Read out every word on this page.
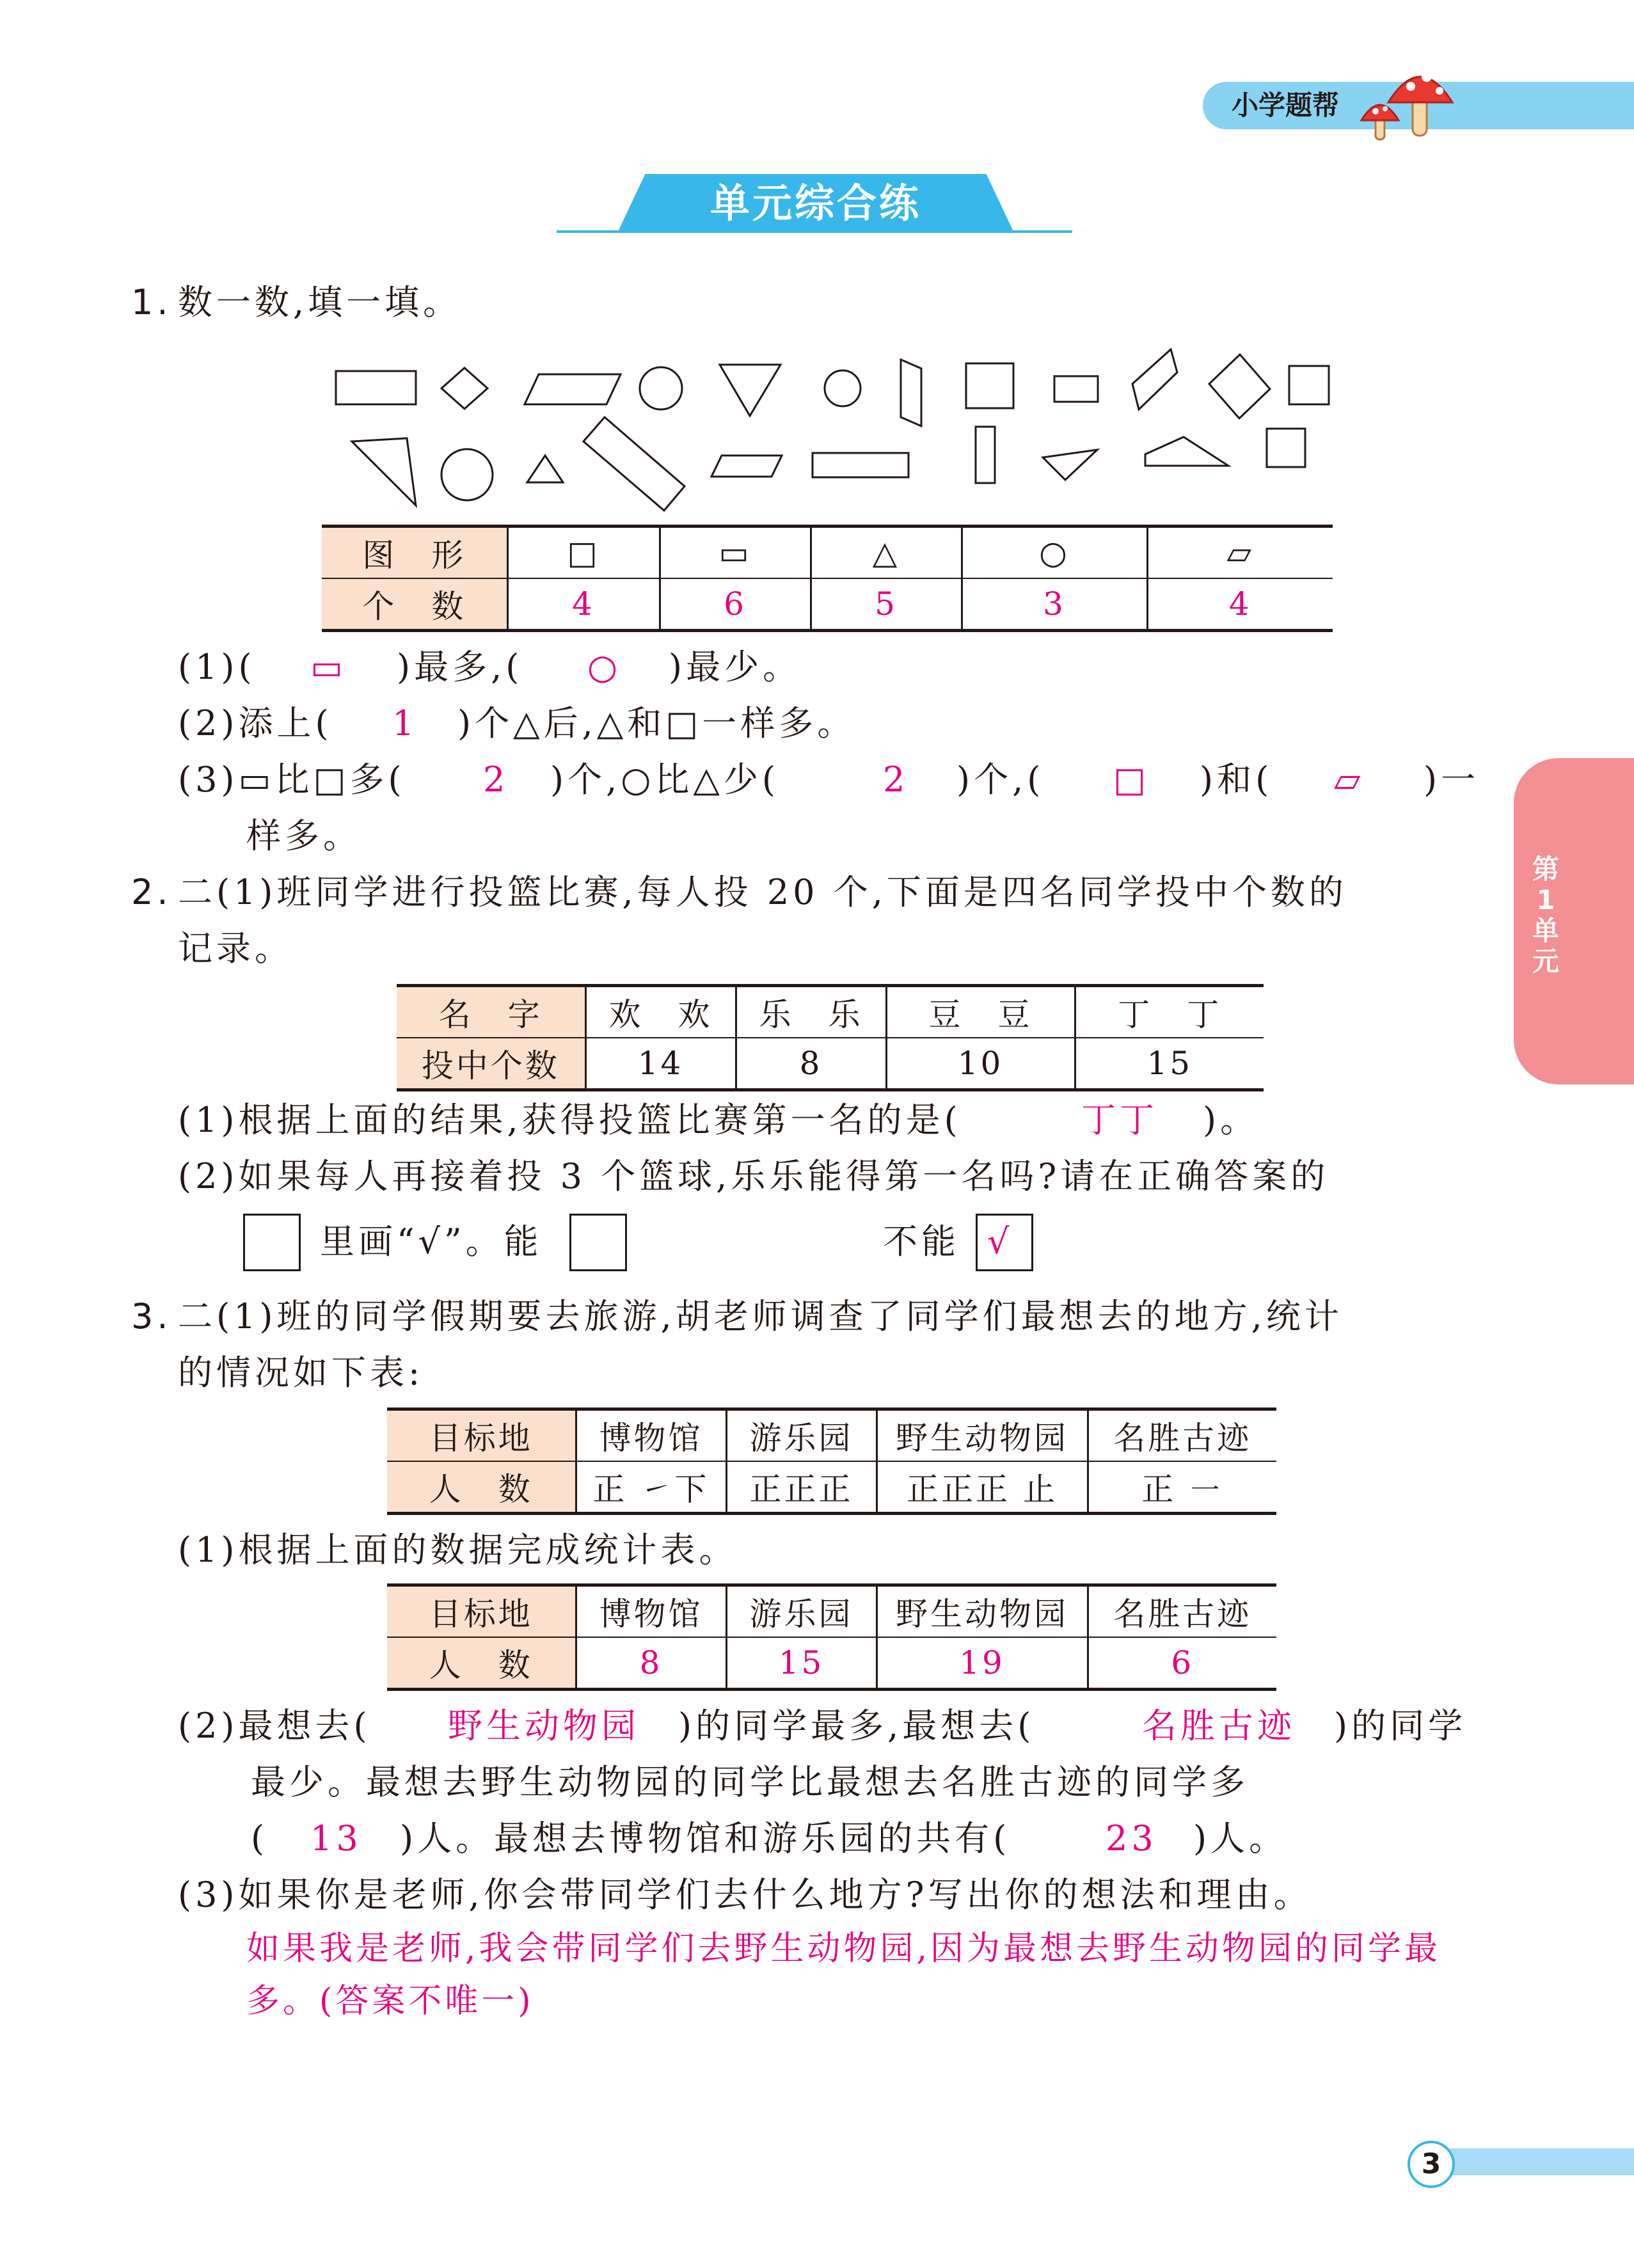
小学题帮
单元综合练
第1单元
3
1. 数一数,填一填。
图　形	□	▭	△	○	▱
个　数	4	6	5	3	4
(1)( ▭ )最多,( ○ )最少。
(2)添上( 1 )个△后,△和□一样多。
(3)▭比□多( 2 )个,○比△少(	2 )个,( □ )和( ▱ )一
样多。
2. 二(1)班同学进行投篮比赛,每人投 20 个,下面是四名同学投中个数的
记录。
名　字	欢　欢	乐　乐	豆　豆	丁　丁
投中个数	14	8	10	15
(1)根据上面的结果,获得投篮比赛第一名的是(	丁丁 )。
(2)如果每人再接着投 3 个篮球,乐乐能得第一名吗?请在正确答案的
里画“√”。能	不能 √
3. 二(1)班的同学假期要去旅游,胡老师调查了同学们最想去的地方,统计
的情况如下表:
目标地	博物馆	游乐园	野生动物园	名胜古迹
人　数	正 ㇀下	正正正	正正正 止	正 ㇐
(1)根据上面的数据完成统计表。
目标地	博物馆	游乐园	野生动物园	名胜古迹
人　数	8	15	19	6
(2)最想去( 野生动物园 )的同学最多,最想去(	名胜古迹 )的同学
最少。最想去野生动物园的同学比最想去名胜古迹的同学多
( 13 )人。最想去博物馆和游乐园的共有(	23 )人。
(3)如果你是老师,你会带同学们去什么地方?写出你的想法和理由。
如果我是老师,我会带同学们去野生动物园,因为最想去野生动物园的同学最
多。(答案不唯一)
